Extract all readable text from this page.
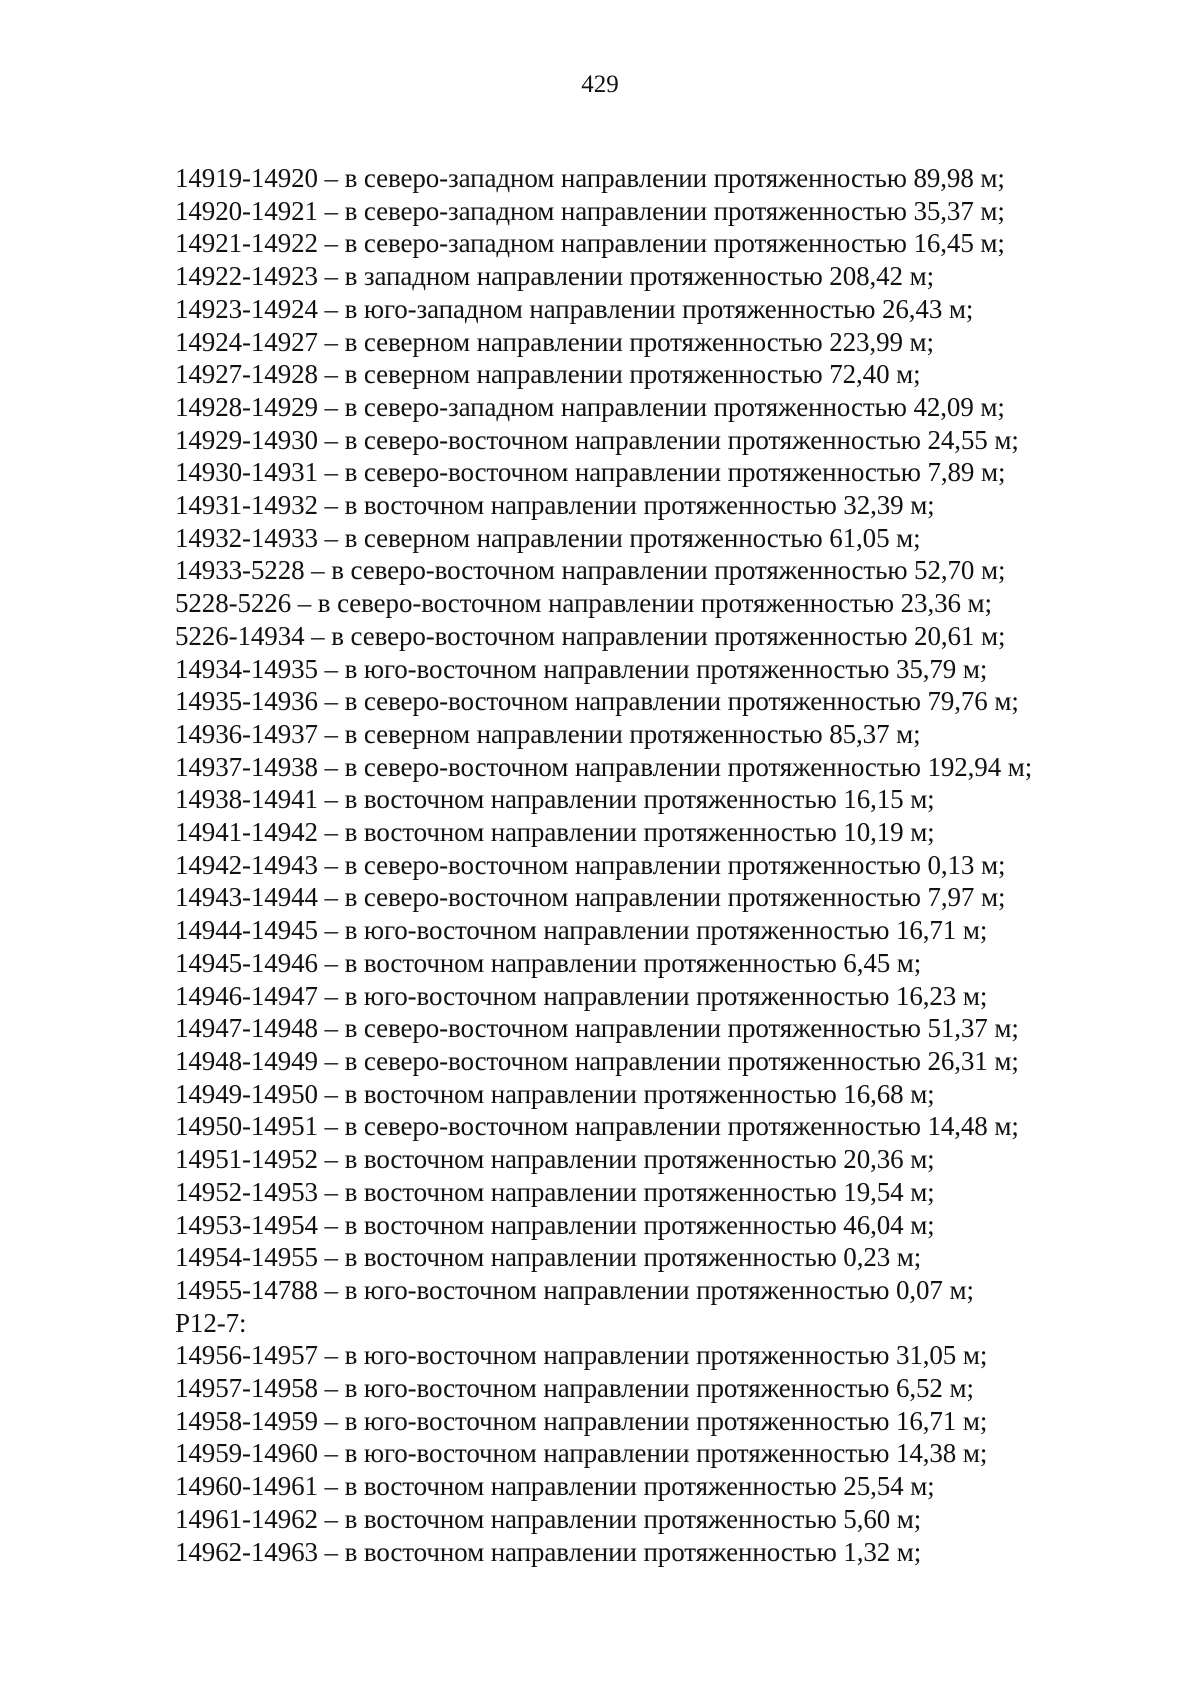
429
14919-14920 – в северо-западном направлении протяженностью 89,98 м;
14920-14921 – в северо-западном направлении протяженностью 35,37 м;
14921-14922 – в северо-западном направлении протяженностью 16,45 м;
14922-14923 – в западном направлении протяженностью 208,42 м;
14923-14924 – в юго-западном направлении протяженностью 26,43 м;
14924-14927 – в северном направлении протяженностью 223,99 м;
14927-14928 – в северном направлении протяженностью 72,40 м;
14928-14929 – в северо-западном направлении протяженностью 42,09 м;
14929-14930 – в северо-восточном направлении протяженностью 24,55 м;
14930-14931 – в северо-восточном направлении протяженностью 7,89 м;
14931-14932 – в восточном направлении протяженностью 32,39 м;
14932-14933 – в северном направлении протяженностью 61,05 м;
14933-5228 – в северо-восточном направлении протяженностью 52,70 м;
5228-5226 – в северо-восточном направлении протяженностью 23,36 м;
5226-14934 – в северо-восточном направлении протяженностью 20,61 м;
14934-14935 – в юго-восточном направлении протяженностью 35,79 м;
14935-14936 – в северо-восточном направлении протяженностью 79,76 м;
14936-14937 – в северном направлении протяженностью 85,37 м;
14937-14938 – в северо-восточном направлении протяженностью 192,94 м;
14938-14941 – в восточном направлении протяженностью 16,15 м;
14941-14942 – в восточном направлении протяженностью 10,19 м;
14942-14943 – в северо-восточном направлении протяженностью 0,13 м;
14943-14944 – в северо-восточном направлении протяженностью 7,97 м;
14944-14945 – в юго-восточном направлении протяженностью 16,71 м;
14945-14946 – в восточном направлении протяженностью 6,45 м;
14946-14947 – в юго-восточном направлении протяженностью 16,23 м;
14947-14948 – в северо-восточном направлении протяженностью 51,37 м;
14948-14949 – в северо-восточном направлении протяженностью 26,31 м;
14949-14950 – в восточном направлении протяженностью 16,68 м;
14950-14951 – в северо-восточном направлении протяженностью 14,48 м;
14951-14952 – в восточном направлении протяженностью 20,36 м;
14952-14953 – в восточном направлении протяженностью 19,54 м;
14953-14954 – в восточном направлении протяженностью 46,04 м;
14954-14955 – в восточном направлении протяженностью 0,23 м;
14955-14788 – в юго-восточном направлении протяженностью 0,07 м;
Р12-7:
14956-14957 – в юго-восточном направлении протяженностью 31,05 м;
14957-14958 – в юго-восточном направлении протяженностью 6,52 м;
14958-14959 – в юго-восточном направлении протяженностью 16,71 м;
14959-14960 – в юго-восточном направлении протяженностью 14,38 м;
14960-14961 – в восточном направлении протяженностью 25,54 м;
14961-14962 – в восточном направлении протяженностью 5,60 м;
14962-14963 – в восточном направлении протяженностью 1,32 м;
